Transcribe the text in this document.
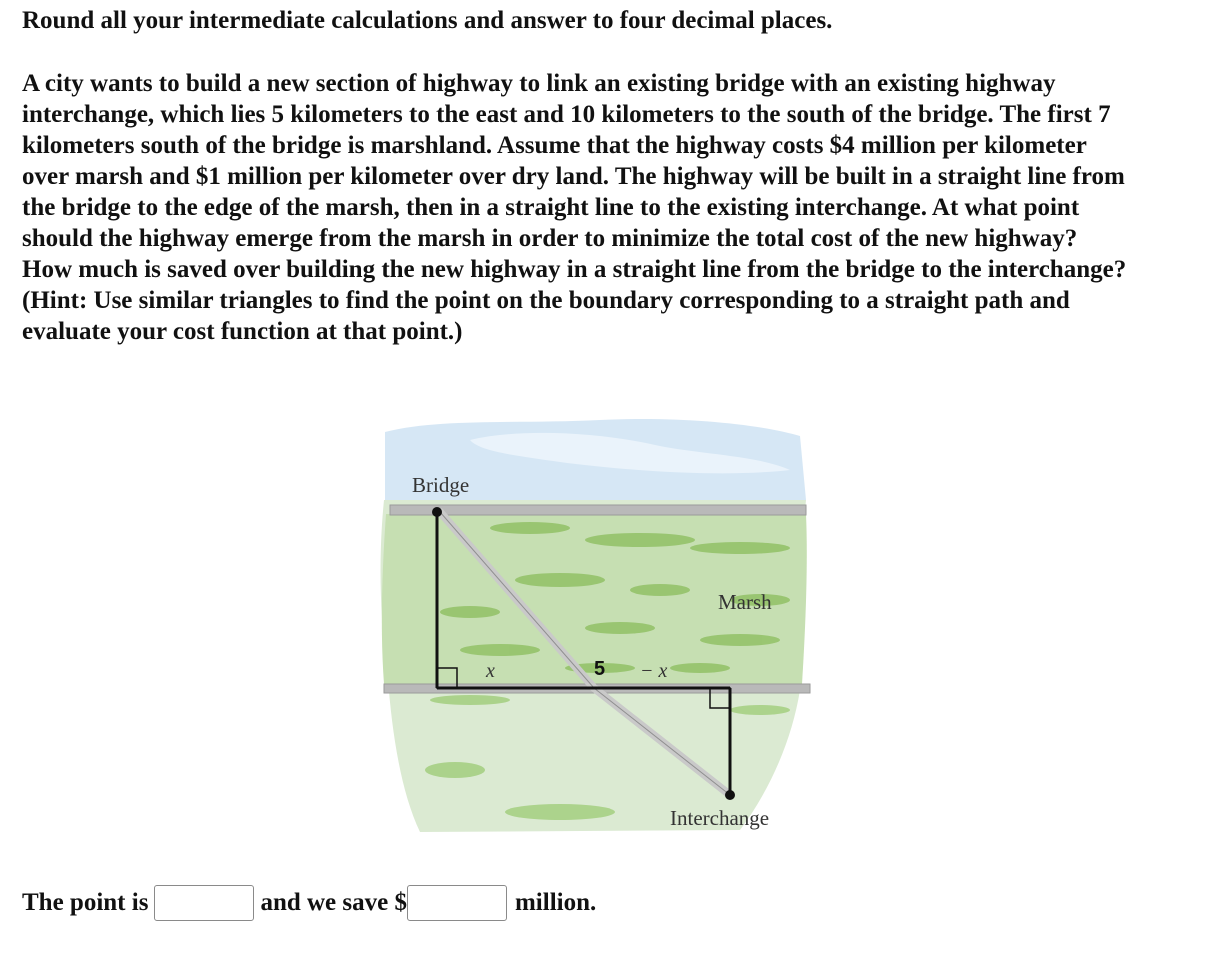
Round all your intermediate calculations and answer to four decimal places.

A city wants to build a new section of highway to link an existing bridge with an existing highway
interchange, which lies 5 kilometers to the east and 10 kilometers to the south of the bridge. The first 7
kilometers south of the bridge is marshland. Assume that the highway costs $4 million per kilometer
over marsh and $1 million per kilometer over dry land. The highway will be built in a straight line from
the bridge to the edge of the marsh, then in a straight line to the existing interchange. At what point
should the highway emerge from the marsh in order to minimize the total cost of the new highway?
How much is saved over building the new highway in a straight line from the bridge to the interchange?
(Hint: Use similar triangles to find the point on the boundary corresponding to a straight path and
evaluate your cost function at that point.)

Bridge
Marsh
Interchange
x	5 − x
The point is	and we save $	million.
